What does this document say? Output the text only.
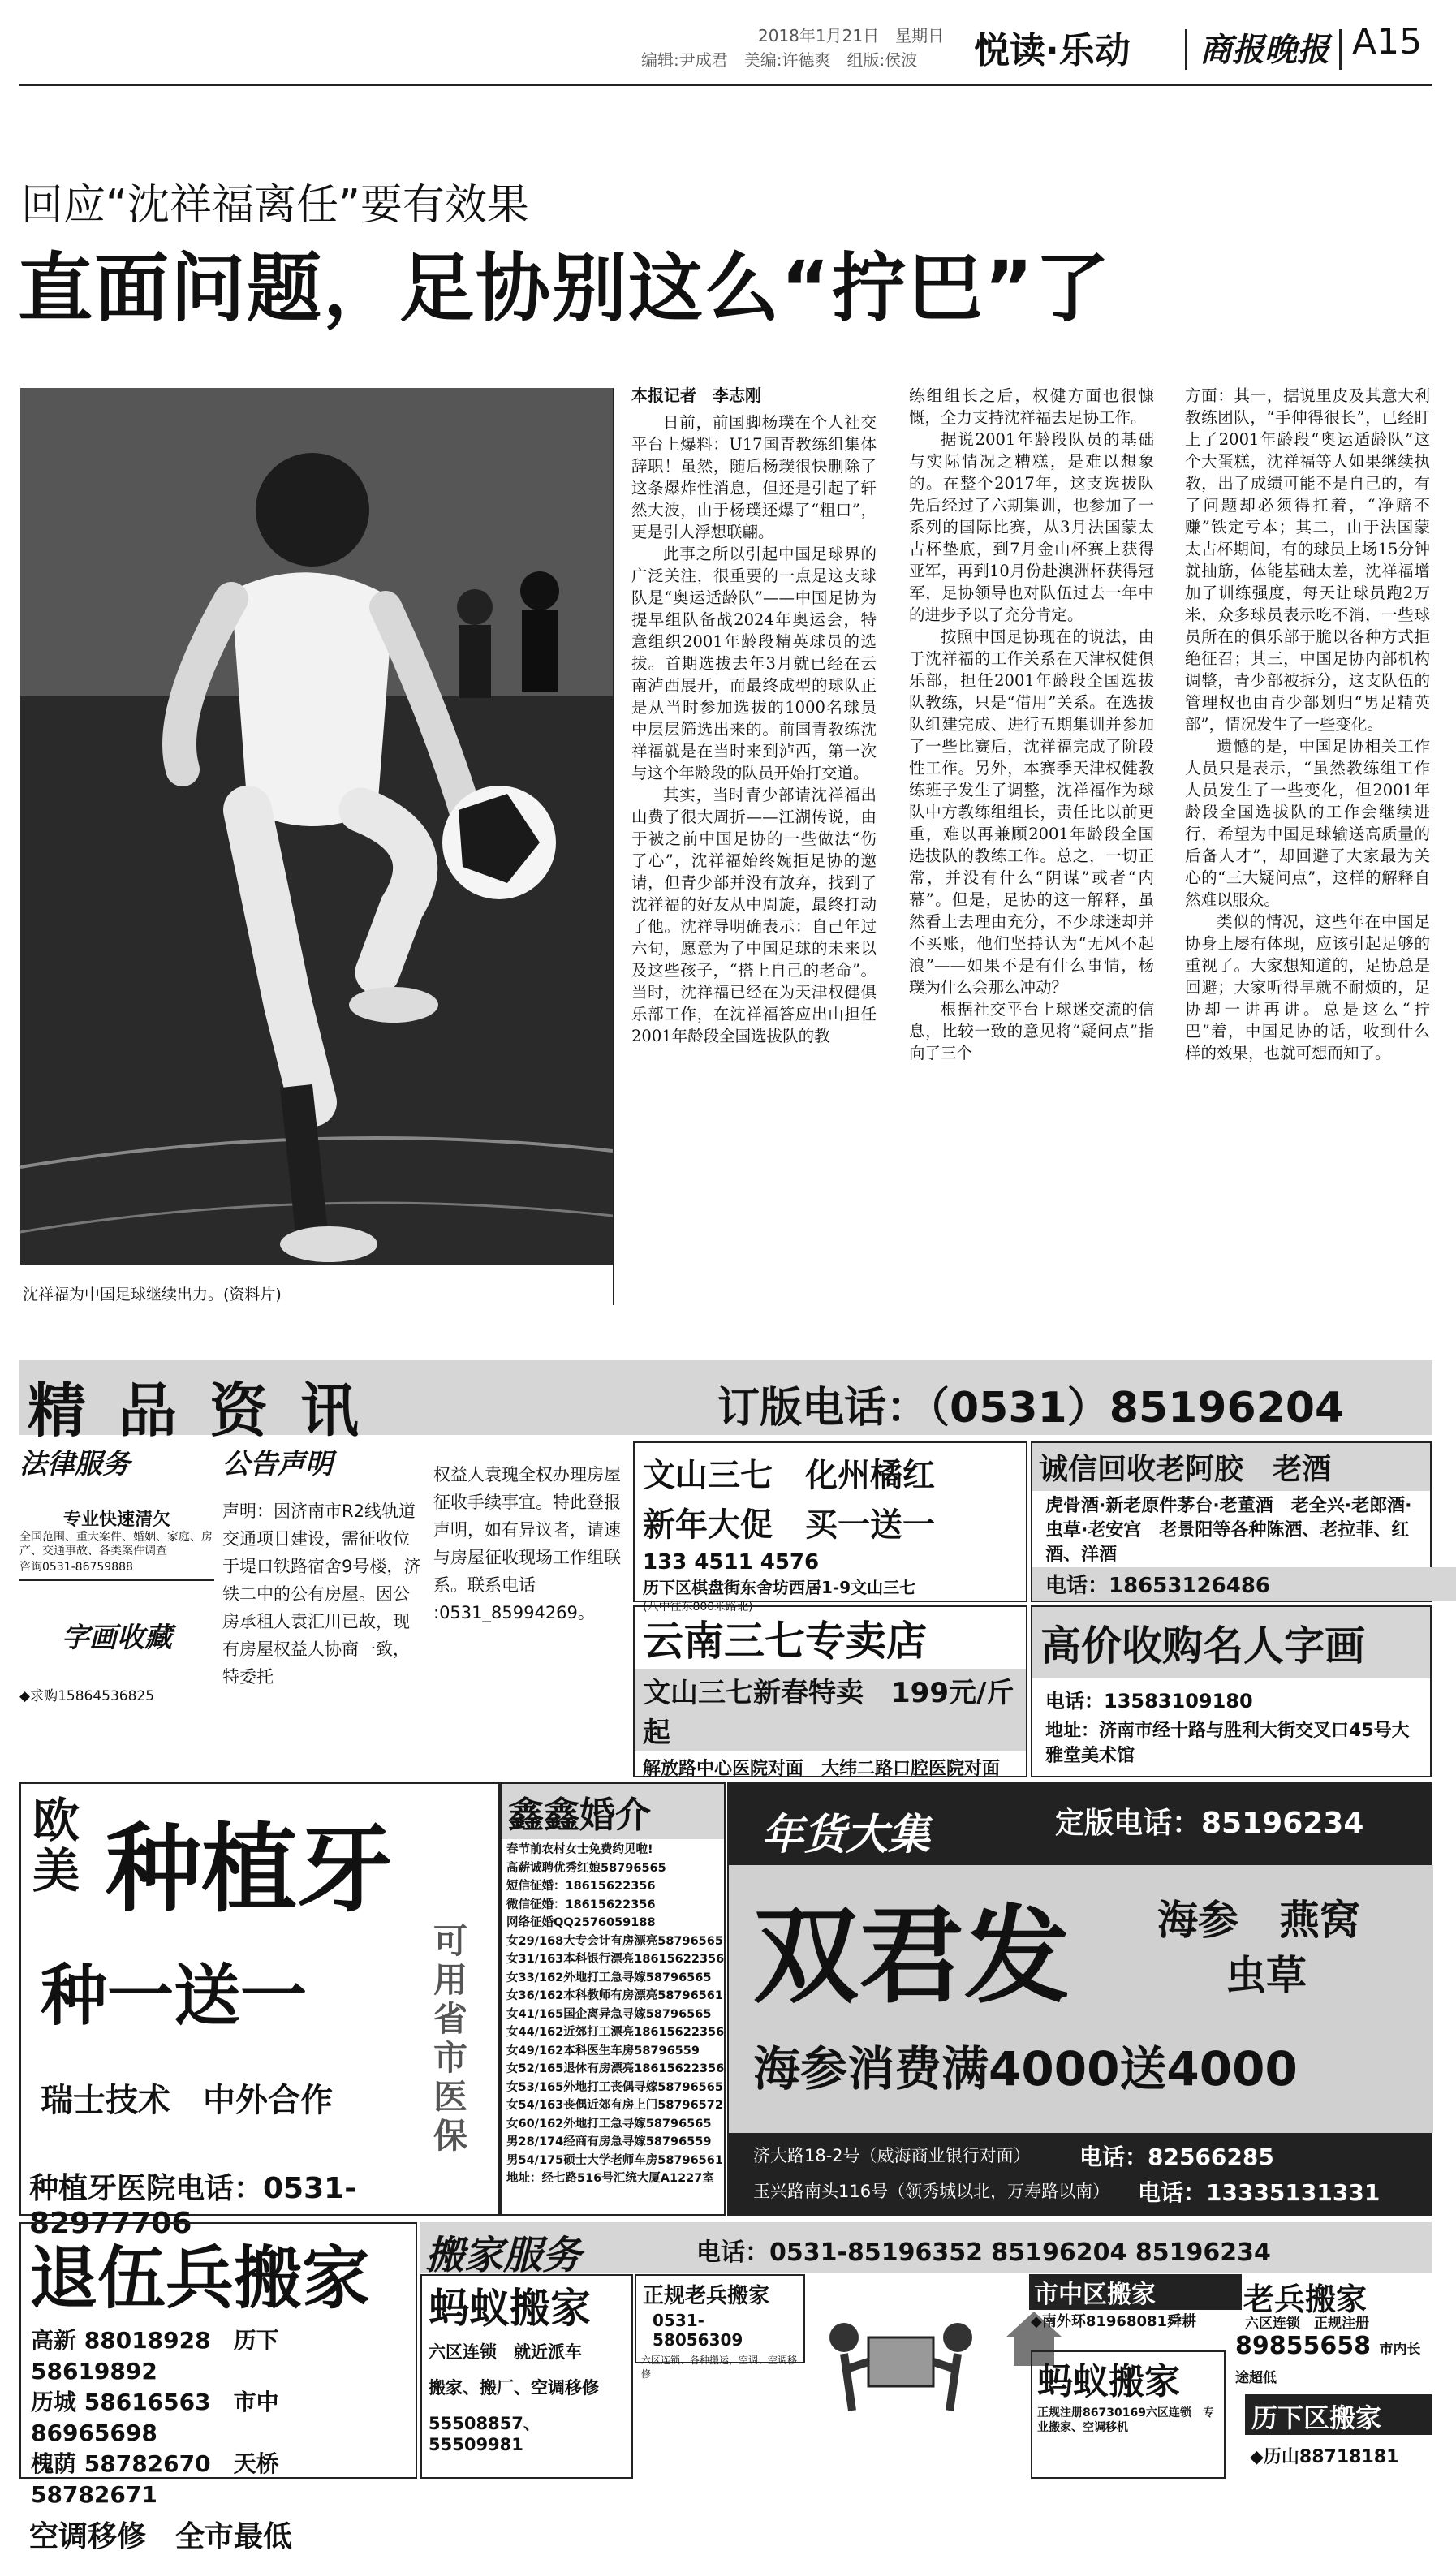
2018年1月21日　 星期日
编辑:尹成君　美编:许德爽　组版:侯波 悦读·乐动 商报晚报 A15
回应“沈祥福离任”要有效果
直面问题，足协别这么“拧巴”了
沈祥福为中国足球继续出力。(资料片)
本报记者　李志刚

日前，前国脚杨璞在个人社交平台上爆料：U17国青教练组集体辞职！虽然，随后杨璞很快删除了这条爆炸性消息，但还是引起了轩然大波，由于杨璞还爆了“粗口”，更是引人浮想联翩。

此事之所以引起中国足球界的广泛关注，很重要的一点是这支球队是“奥运适龄队”——中国足协为提早组队备战2024年奥运会，特意组织2001年龄段精英球员的选拔。首期选拔去年3月就已经在云南泸西展开，而最终成型的球队正是从当时参加选拔的1000名球员中层层筛选出来的。前国青教练沈祥福就是在当时来到泸西，第一次与这个年龄段的队员开始打交道。

其实，当时青少部请沈祥福出山费了很大周折——江湖传说，由于被之前中国足协的一些做法“伤了心”，沈祥福始终婉拒足协的邀请，但青少部并没有放弃，找到了沈祥福的好友从中周旋，最终打动了他。沈祥导明确表示：自己年过六旬，愿意为了中国足球的未来以及这些孩子，“搭上自己的老命”。当时，沈祥福已经在为天津权健俱乐部工作，在沈祥福答应出山担任2001年龄段全国选拔队的教

练组组长之后，权健方面也很慷慨，全力支持沈祥福去足协工作。

据说2001年龄段队员的基础与实际情况之糟糕，是难以想象的。在整个2017年，这支选拔队先后经过了六期集训，也参加了一系列的国际比赛，从3月法国蒙太古杯垫底，到7月金山杯赛上获得亚军，再到10月份赴澳洲杯获得冠军，足协领导也对队伍过去一年中的进步予以了充分肯定。

按照中国足协现在的说法，由于沈祥福的工作关系在天津权健俱乐部，担任2001年龄段全国选拔队教练，只是“借用”关系。在选拔队组建完成、进行五期集训并参加了一些比赛后，沈祥福完成了阶段性工作。另外，本赛季天津权健教练班子发生了调整，沈祥福作为球队中方教练组组长，责任比以前更重，难以再兼顾2001年龄段全国选拔队的教练工作。总之，一切正常，并没有什么“阴谋”或者“内幕”。但是，足协的这一解释，虽然看上去理由充分，不少球迷却并不买账，他们坚持认为“无风不起浪”——如果不是有什么事情，杨璞为什么会那么冲动？

根据社交平台上球迷交流的信息，比较一致的意见将“疑问点”指向了三个

方面：其一，据说里皮及其意大利教练团队，“手伸得很长”，已经盯上了2001年龄段“奥运适龄队”这个大蛋糕，沈祥福等人如果继续执教，出了成绩可能不是自己的，有了问题却必须得扛着，“净赔不赚”铁定亏本；其二，由于法国蒙太古杯期间，有的球员上场15分钟就抽筋，体能基础太差，沈祥福增加了训练强度，每天让球员跑2万米，众多球员表示吃不消，一些球员所在的俱乐部于脆以各种方式拒绝征召；其三，中国足协内部机构调整，青少部被拆分，这支队伍的管理权也由青少部划归“男足精英部”，情况发生了一些变化。

遗憾的是，中国足协相关工作人员只是表示，“虽然教练组工作人员发生了一些变化，但2001年龄段全国选拔队的工作会继续进行，希望为中国足球输送高质量的后备人才”，却回避了大家最为关心的“三大疑问点”，这样的解释自然难以服众。

类似的情况，这些年在中国足协身上屡有体现，应该引起足够的重视了。大家想知道的，足协总是回避；大家听得早就不耐烦的，足协却一讲再讲。总是这么“拧巴”着，中国足协的话，收到什么样的效果，也就可想而知了。

精品资讯	订版电话：（0531）85196204
法律服务
专业快速清欠
全国范围、重大案件、婚姻、家庭、房产、交通事故、各类案件调查
咨询0531-86759888
字画收藏
◆求购15864536825
公告声明
声明：因济南市R2线轨道交通项目建设，需征收位于堤口铁路宿舍9号楼，济铁二中的公有房屋。因公房承租人袁汇川已故，现有房屋权益人协商一致，特委托
权益人袁瑰全权办理房屋征收手续事宜。特此登报声明，如有异议者，请速与房屋征收现场工作组联系。联系电话
:0531_85994269。
文山三七　化州橘红
新年大促　买一送一
133 4511 4576
历下区棋盘街东舍坊西居1-9文山三七
(八中往东800米路北)
诚信回收老阿胶　老酒
虎骨酒·新老原件茅台·老董酒　老全兴·老郎酒·虫草·老安宫　老景阳等各种陈酒、老拉菲、红酒、洋酒
电话：18653126486
云南三七专卖店
文山三七新春特卖　 199元/斤起
解放路中心医院对面　大纬二路口腔医院对面
高价收购名人字画
电话：13583109180
地址：济南市经十路与胜利大街交叉口45号大雅堂美术馆
欧美 种植牙
种一送一
可用省市医保
瑞士技术　中外合作
种植牙医院电话：0531-82977706
鑫鑫婚介
春节前农村女士免费约见啦!
高薪诚聘优秀红娘58796565
短信征婚：18615622356
微信征婚：18615622356
网络征婚QQ2576059188
女29/168大专会计有房漂亮58796565
女31/163本科银行漂亮18615622356
女33/162外地打工急寻嫁58796565
女36/162本科教师有房漂亮58796561
女41/165国企离异急寻嫁58796565
女44/162近郊打工漂亮18615622356
女49/162本科医生车房58796559
女52/165退休有房漂亮18615622356
女53/165外地打工丧偶寻嫁58796565
女54/163丧偶近郊有房上门58796572
女60/162外地打工急寻嫁58796565
男28/174经商有房急寻嫁58796559
男54/175硕士大学老师车房58796561
地址：经七路516号汇统大厦A1227室
年货大集	定版电话：85196234
双君发 海参　燕窝
虫草
海参消费满4000送4000
济大路18-2号（威海商业银行对面） 电话：82566285
玉兴路南头116号（领秀城以北，万寿路以南） 电话：13335131331
退伍兵搬家
高新 88018928　历下 58619892
历城 58616563　市中 86965698
槐荫 58782670　天桥 58782671
空调移修　全市最低
搬家服务	电话：0531-85196352 85196204 85196234
蚂蚁搬家
六区连锁　就近派车
搬家、搬厂、空调移修
55508857、55509981
正规老兵搬家
0531-58056309
六区连锁、各种搬运，空调、空调移修	蚂蚁搬家
正规注册86730169六区连锁　专业搬家、空调移机
市中区搬家
◆南外环81968081舜耕
老兵搬家
六区连锁　正规注册
89855658 市内长途超低
历下区搬家
◆历山88718181
